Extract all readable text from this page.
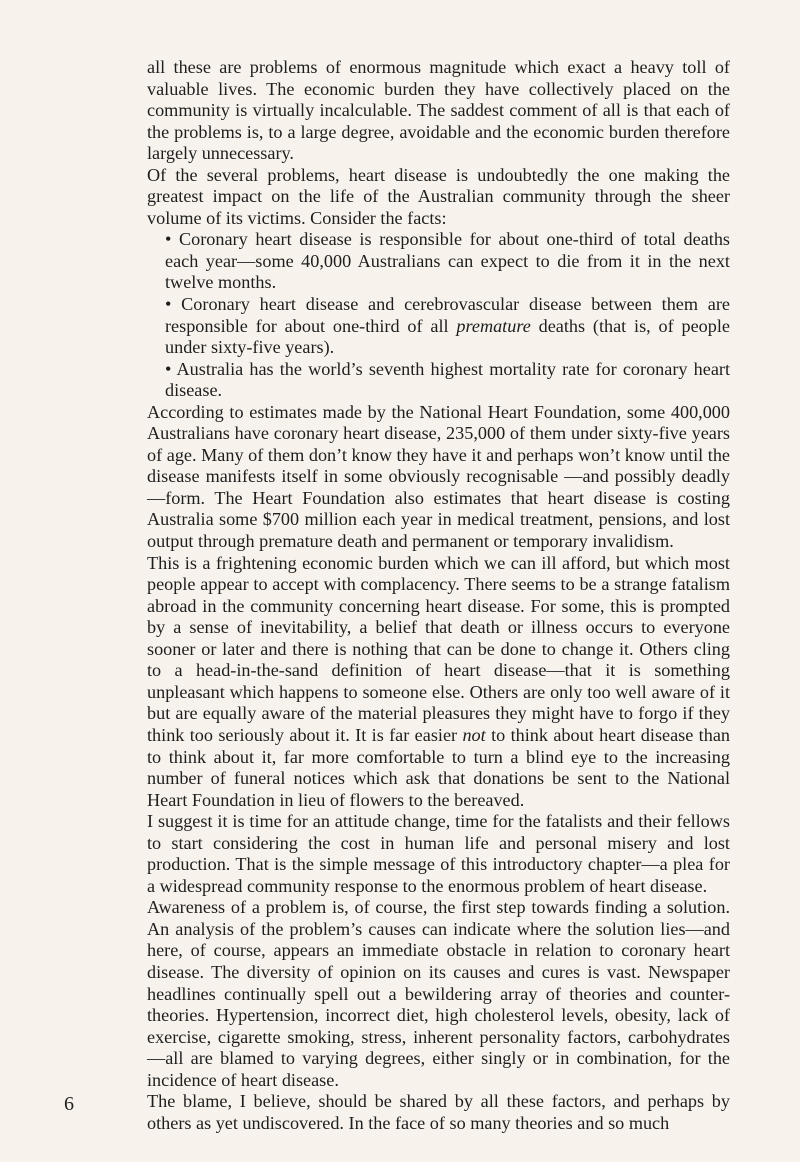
all these are problems of enormous magnitude which exact a heavy toll of valuable lives. The economic burden they have collectively placed on the community is virtually incalculable. The saddest comment of all is that each of the problems is, to a large degree, avoidable and the economic burden therefore largely unnecessary.

Of the several problems, heart disease is undoubtedly the one making the greatest impact on the life of the Australian community through the sheer volume of its victims. Consider the facts:

• Coronary heart disease is responsible for about one-third of total deaths each year—some 40,000 Australians can expect to die from it in the next twelve months.

• Coronary heart disease and cerebrovascular disease between them are responsible for about one-third of all premature deaths (that is, of people under sixty-five years).

• Australia has the world’s seventh highest mortality rate for coronary heart disease.

According to estimates made by the National Heart Foundation, some 400,000 Australians have coronary heart disease, 235,000 of them under sixty-five years of age. Many of them don’t know they have it and perhaps won’t know until the disease manifests itself in some obviously recognisable —and possibly deadly—form. The Heart Foundation also estimates that heart disease is costing Australia some $700 million each year in medical treatment, pensions, and lost output through premature death and permanent or temporary invalidism.

This is a frightening economic burden which we can ill afford, but which most people appear to accept with complacency. There seems to be a strange fatalism abroad in the community concerning heart disease. For some, this is prompted by a sense of inevitability, a belief that death or illness occurs to everyone sooner or later and there is nothing that can be done to change it. Others cling to a head-in-the-sand definition of heart disease—that it is something unpleasant which happens to someone else. Others are only too well aware of it but are equally aware of the material pleasures they might have to forgo if they think too seriously about it. It is far easier not to think about heart disease than to think about it, far more comfortable to turn a blind eye to the increasing number of funeral notices which ask that donations be sent to the National Heart Foundation in lieu of flowers to the bereaved.

I suggest it is time for an attitude change, time for the fatalists and their fellows to start considering the cost in human life and personal misery and lost production. That is the simple message of this introductory chapter—a plea for a widespread community response to the enormous problem of heart disease.

Awareness of a problem is, of course, the first step towards finding a solution. An analysis of the problem’s causes can indicate where the solution lies—and here, of course, appears an immediate obstacle in relation to coronary heart disease. The diversity of opinion on its causes and cures is vast. Newspaper headlines continually spell out a bewildering array of theories and counter-theories. Hypertension, incorrect diet, high cholesterol levels, obesity, lack of exercise, cigarette smoking, stress, inherent personality factors, carbohydrates—all are blamed to varying degrees, either singly or in combination, for the incidence of heart disease.

The blame, I believe, should be shared by all these factors, and perhaps by others as yet undiscovered. In the face of so many theories and so much

6
